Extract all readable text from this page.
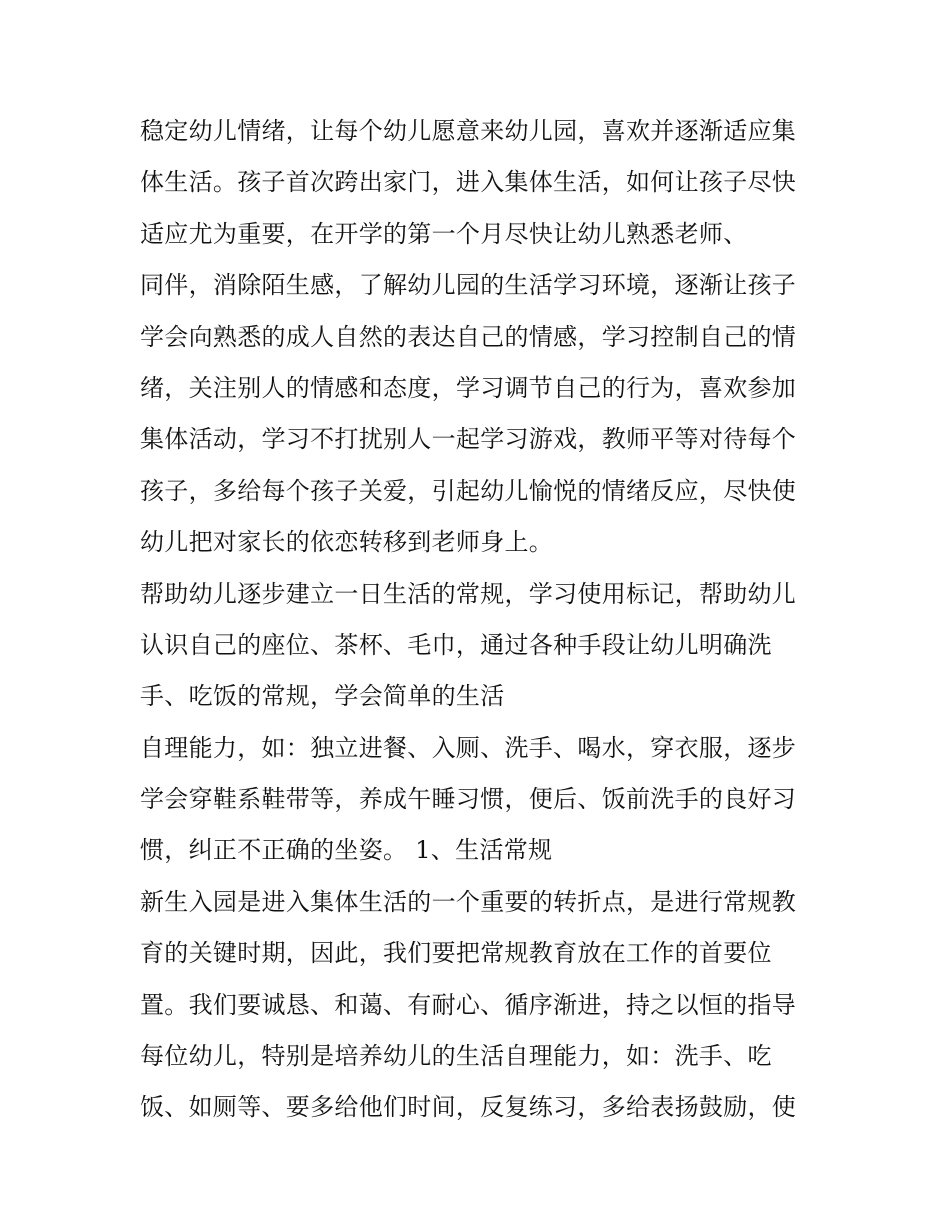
稳定幼儿情绪，让每个幼儿愿意来幼儿园，喜欢并逐渐适应集
体生活。孩子首次跨出家门，进入集体生活，如何让孩子尽快
适应尤为重要，在开学的第一个月尽快让幼儿熟悉老师、
同伴，消除陌生感，了解幼儿园的生活学习环境，逐渐让孩子
学会向熟悉的成人自然的表达自己的情感，学习控制自己的情
绪，关注别人的情感和态度，学习调节自己的行为，喜欢参加
集体活动，学习不打扰别人一起学习游戏，教师平等对待每个
孩子，多给每个孩子关爱，引起幼儿愉悦的情绪反应，尽快使
幼儿把对家长的依恋转移到老师身上。
帮助幼儿逐步建立一日生活的常规，学习使用标记，帮助幼儿
认识自己的座位、茶杯、毛巾，通过各种手段让幼儿明确洗
手、吃饭的常规，学会简单的生活
自理能力，如：独立进餐、入厕、洗手、喝水，穿衣服，逐步
学会穿鞋系鞋带等，养成午睡习惯，便后、饭前洗手的良好习
惯，纠正不正确的坐姿。 1、生活常规
新生入园是进入集体生活的一个重要的转折点，是进行常规教
育的关键时期，因此，我们要把常规教育放在工作的首要位
置。我们要诚恳、和蔼、有耐心、循序渐进，持之以恒的指导
每位幼儿，特别是培养幼儿的生活自理能力，如：洗手、吃
饭、如厕等、要多给他们时间，反复练习，多给表扬鼓励，使
